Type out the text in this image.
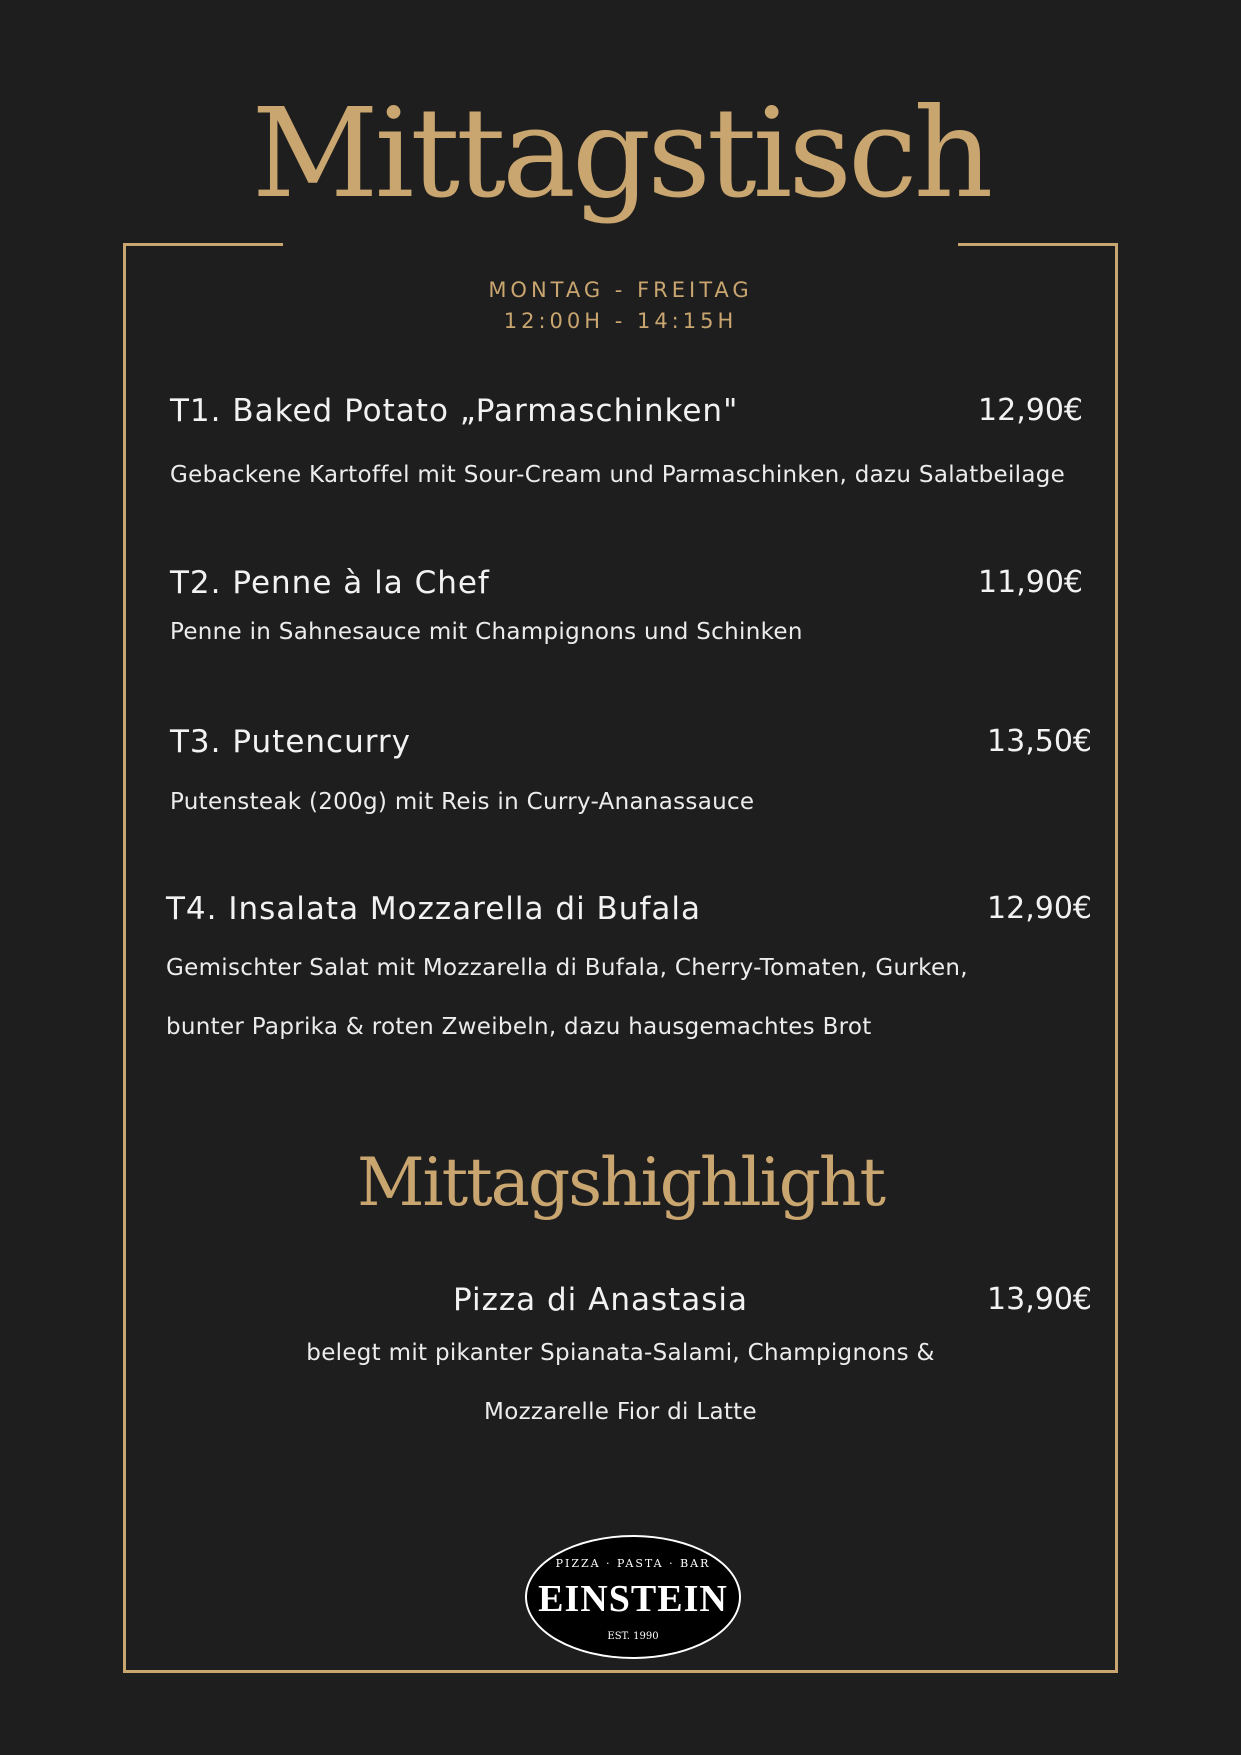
Mittagstisch
MONTAG - FREITAG
12:00H - 14:15H
T1. Baked Potato „Parmaschinken"	12,90€
Gebackene Kartoffel mit Sour-Cream und Parmaschinken, dazu Salatbeilage
T2. Penne à la Chef	11,90€
Penne in Sahnesauce mit Champignons und Schinken
T3. Putencurry	13,50€
Putensteak (200g) mit Reis in Curry-Ananassauce
T4. Insalata Mozzarella di Bufala	12,90€
Gemischter Salat mit Mozzarella di Bufala, Cherry-Tomaten, Gurken,
bunter Paprika & roten Zweibeln, dazu hausgemachtes Brot
Mittagshighlight
Pizza di Anastasia	13,90€
belegt mit pikanter Spianata-Salami, Champignons &
Mozzarelle Fior di Latte
PIZZA · PASTA · BAR
EINSTEIN
EST. 1990
